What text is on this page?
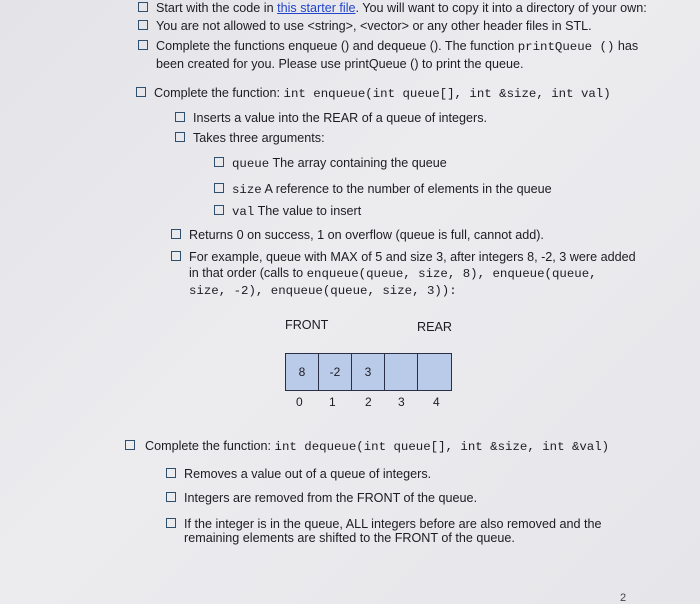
Start with the code in this starter file. You will want to copy it into a directory of your own:
You are not allowed to use <string>, <vector> or any other header files in STL.
Complete the functions enqueue () and dequeue (). The function printQueue () has
been created for you. Please use printQueue () to print the queue.
Complete the function: int enqueue(int queue[], int &size, int val)
Inserts a value into the REAR of a queue of integers.
Takes three arguments:
queue The array containing the queue
size A reference to the number of elements in the queue
val The value to insert
Returns 0 on success, 1 on overflow (queue is full, cannot add).
For example, queue with MAX of 5 and size 3, after integers 8, -2, 3 were added
in that order (calls to enqueue(queue, size, 8), enqueue(queue,
size, -2), enqueue(queue, size, 3)):
FRONT	REAR
8	-2	3
0 1 2 3 4
Complete the function: int dequeue(int queue[], int &size, int &val)
Removes a value out of a queue of integers.
Integers are removed from the FRONT of the queue.
If the integer is in the queue, ALL integers before are also removed and the
remaining elements are shifted to the FRONT of the queue.
2
